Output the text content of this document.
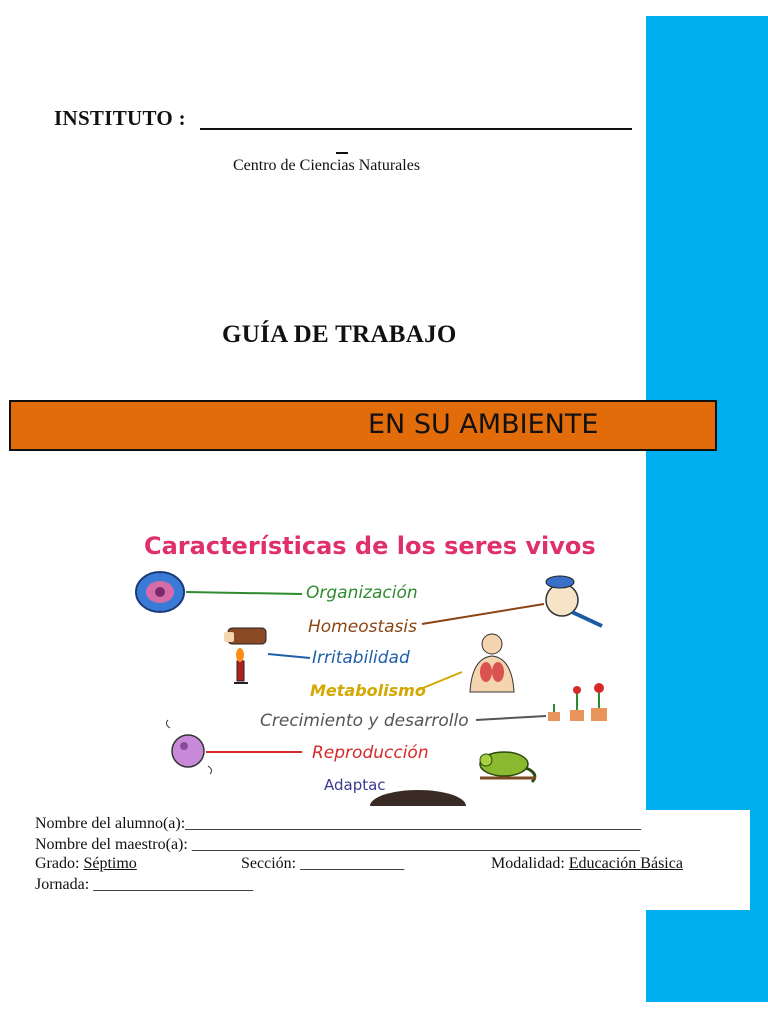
INSTITUTO :
Centro de Ciencias Naturales
GUÍA DE TRABAJO
EN SU AMBIENTE
Características de los seres vivos
Organización
Homeostasis
Irritabilidad
Metabolismo
Crecimiento y desarrollo
Reproducción
Adaptac
Nombre del alumno(a):_________________________________________________________
Nombre del maestro(a): ________________________________________________________
Grado: Séptimo	Sección: _____________	Modalidad: Educación Básica
Jornada: ____________________
